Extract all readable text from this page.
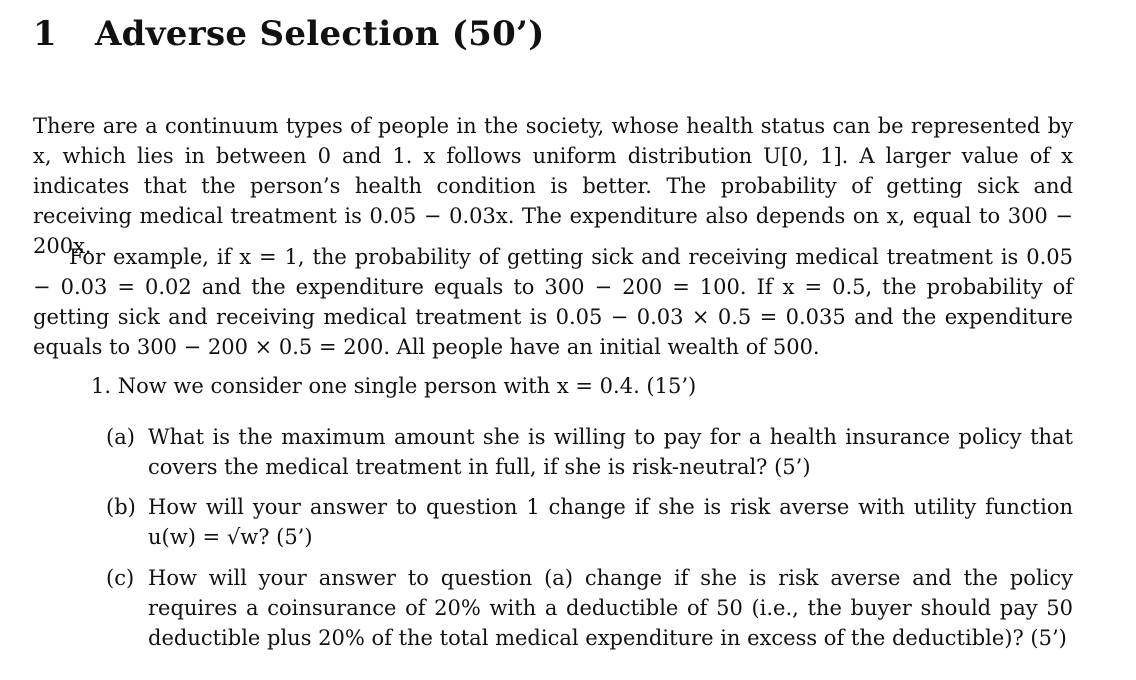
1 Adverse Selection (50’)

There are a continuum types of people in the society, whose health status can be represented by x, which lies in between 0 and 1. x follows uniform distribution U[0, 1]. A larger value of x indicates that the person’s health condition is better. The probability of getting sick and receiving medical treatment is 0.05 − 0.03x. The expenditure also depends on x, equal to 300 − 200x.

For example, if x = 1, the probability of getting sick and receiving medical treatment is 0.05 − 0.03 = 0.02 and the expenditure equals to 300 − 200 = 100. If x = 0.5, the probability of getting sick and receiving medical treatment is 0.05 − 0.03 × 0.5 = 0.035 and the expenditure equals to 300 − 200 × 0.5 = 200. All people have an initial wealth of 500.

1. Now we consider one single person with x = 0.4. (15’)
(a) What is the maximum amount she is willing to pay for a health insurance policy that covers the medical treatment in full, if she is risk-neutral? (5’)
(b) How will your answer to question 1 change if she is risk averse with utility function u(w) = √w? (5’)
(c) How will your answer to question (a) change if she is risk averse and the policy requires a coinsurance of 20% with a deductible of 50 (i.e., the buyer should pay 50 deductible plus 20% of the total medical expenditure in excess of the deductible)? (5’)
